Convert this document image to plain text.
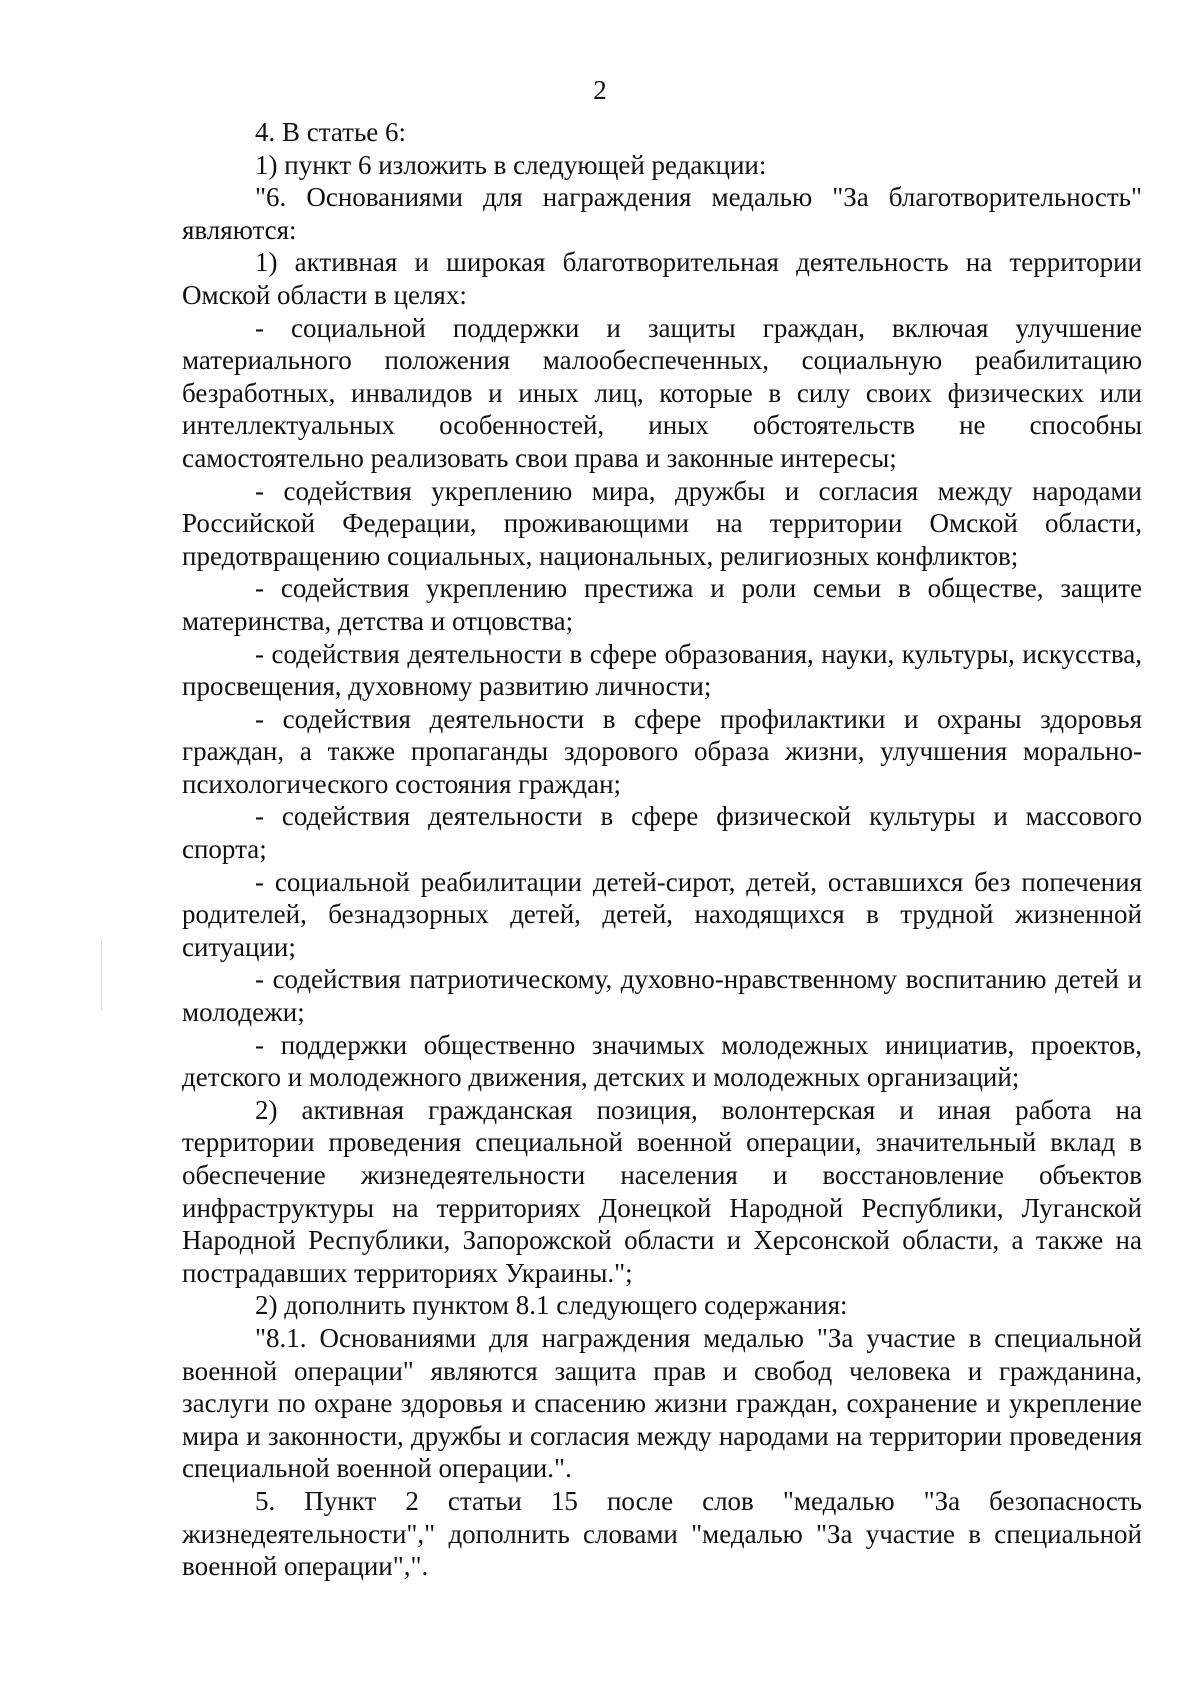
2

4. В статье 6:

1) пункт 6 изложить в следующей редакции:

"6. Основаниями для награждения медалью "За благотворительность" являются:

1) активная и широкая благотворительная деятельность на территории Омской области в целях:

- социальной поддержки и защиты граждан, включая улучшение материального положения малообеспеченных, социальную реабилитацию безработных, инвалидов и иных лиц, которые в силу своих физических или интеллектуальных особенностей, иных обстоятельств не способны самостоятельно реализовать свои права и законные интересы;

- содействия укреплению мира, дружбы и согласия между народами Российской Федерации, проживающими на территории Омской области, предотвращению социальных, национальных, религиозных конфликтов;

- содействия укреплению престижа и роли семьи в обществе, защите материнства, детства и отцовства;

- содействия деятельности в сфере образования, науки, культуры, искусства, просвещения, духовному развитию личности;

- содействия деятельности в сфере профилактики и охраны здоровья граждан, а также пропаганды здорового образа жизни, улучшения морально-психологического состояния граждан;

- содействия деятельности в сфере физической культуры и массового спорта;

- социальной реабилитации детей-сирот, детей, оставшихся без попечения родителей, безнадзорных детей, детей, находящихся в трудной жизненной ситуации;

- содействия патриотическому, духовно-нравственному воспитанию детей и молодежи;

- поддержки общественно значимых молодежных инициатив, проектов, детского и молодежного движения, детских и молодежных организаций;

2) активная гражданская позиция, волонтерская и иная работа на территории проведения специальной военной операции, значительный вклад в обеспечение жизнедеятельности населения и восстановление объектов инфраструктуры на территориях Донецкой Народной Республики, Луганской Народной Республики, Запорожской области и Херсонской области, а также на пострадавших территориях Украины.";

2) дополнить пунктом 8.1 следующего содержания:

"8.1. Основаниями для награждения медалью "За участие в специальной военной операции" являются защита прав и свобод человека и гражданина, заслуги по охране здоровья и спасению жизни граждан, сохранение и укрепление мира и законности, дружбы и согласия между народами на территории проведения специальной военной операции.".

5. Пункт 2 статьи 15 после слов "медалью "За безопасность жизнедеятельности"," дополнить словами "медалью "За участие в специальной военной операции",".
